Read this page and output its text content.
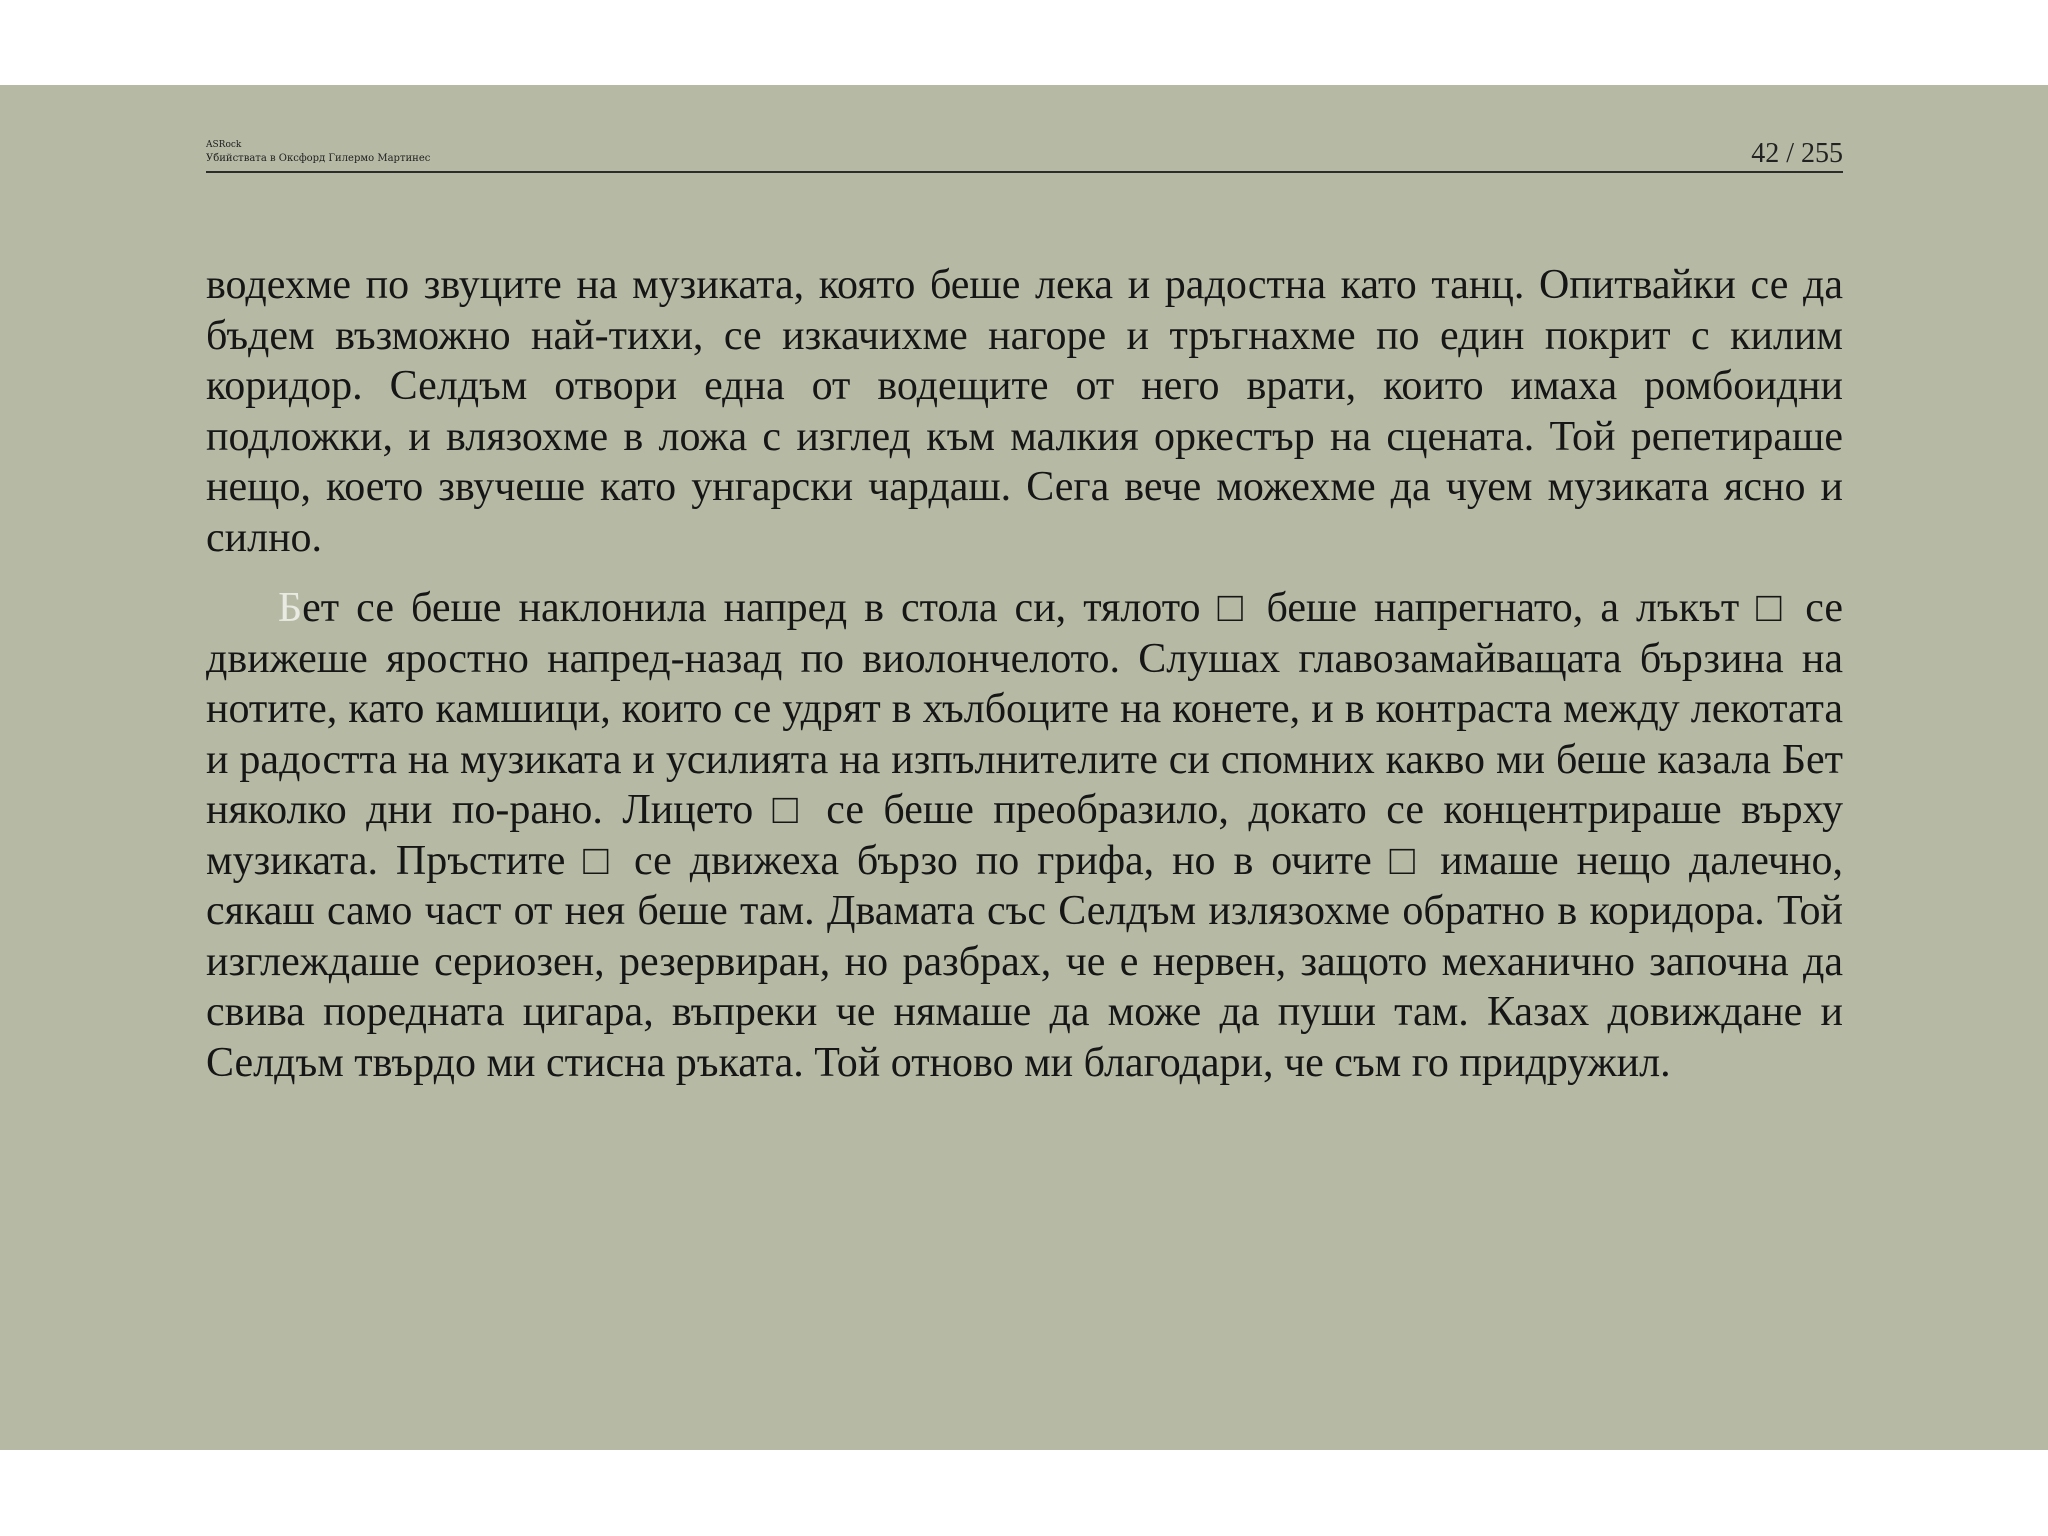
ASRock
Убийствата в Оксфорд Гилермо Мартинес	42 / 255

водехме по звуците на музиката, която беше лека и радостна като танц. Опитвайки се да бъдем възможно най-тихи, се изкачихме нагоре и тръгнахме по един покрит с килим коридор. Селдъм отвори една от водещите от него врати, които имаха ромбоидни подложки, и влязохме в ложа с изглед към малкия оркестър на сцената. Той репетираше нещо, което звучеше като унгарски чардаш. Сега вече можехме да чуем музиката ясно и силно.

Бет се беше наклонила напред в стола си, тялото □ беше напрегнато, а лъкът □ се движеше яростно напред-назад по виолончелото. Слушах главозамайващата бързина на нотите, като камшици, които се удрят в хълбоците на конете, и в контраста между лекотата и радостта на музиката и усилията на изпълнителите си спомних какво ми беше казала Бет няколко дни по-рано. Лицето □ се беше преобразило, докато се концентрираше върху музиката. Пръстите □ се движеха бързо по грифа, но в очите □ имаше нещо далечно, сякаш само част от нея беше там. Двамата със Селдъм излязохме обратно в коридора. Той изглеждаше сериозен, резервиран, но разбрах, че е нервен, защото механично започна да свива поредната цигара, въпреки че нямаше да може да пуши там. Казах довиждане и Селдъм твърдо ми стисна ръката. Той отново ми благодари, че съм го придружил.
